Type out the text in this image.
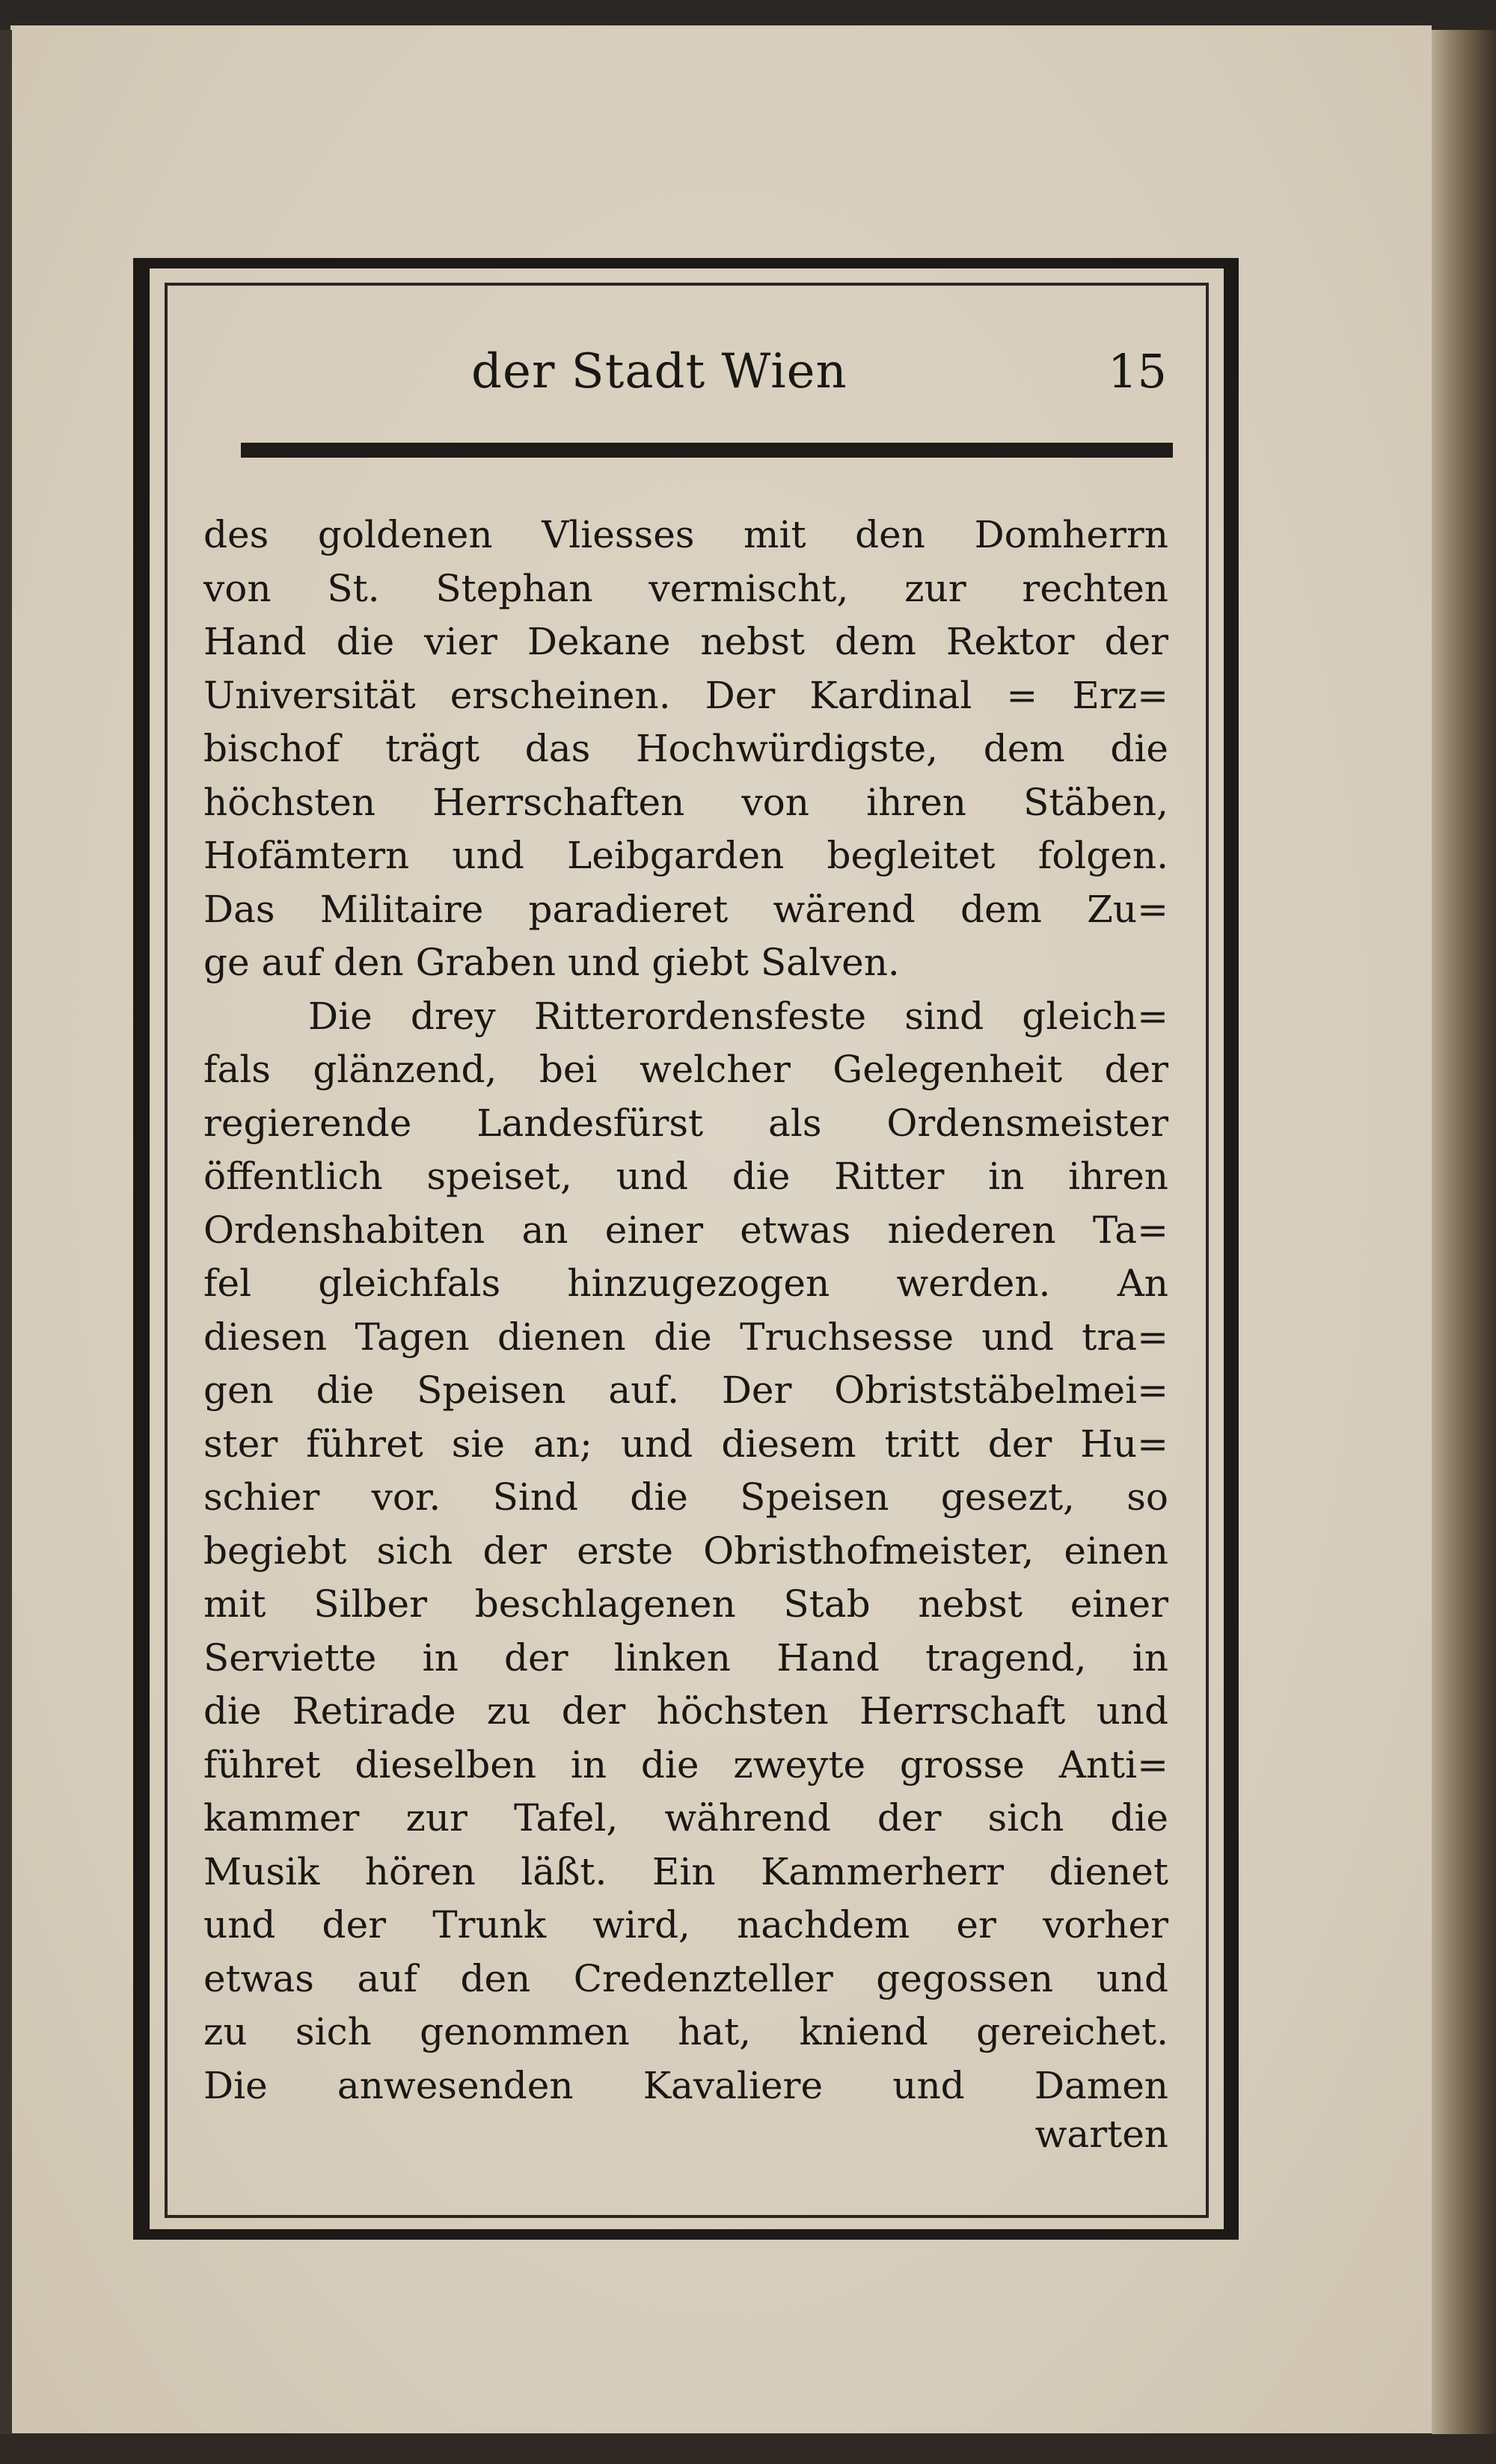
der Stadt Wien	15
des goldenen Vliesses mit den Domherrn
von St. Stephan vermischt, zur rechten
Hand die vier Dekane nebst dem Rektor der
Universität erscheinen. Der Kardinal = Erz=
bischof trägt das Hochwürdigste, dem die
höchsten Herrschaften von ihren Stäben,
Hofämtern und Leibgarden begleitet folgen.
Das Militaire paradieret wärend dem Zu=
ge auf den Graben und giebt Salven.
Die drey Ritterordensfeste sind gleich=
fals glänzend, bei welcher Gelegenheit der
regierende Landesfürst als Ordensmeister
öffentlich speiset, und die Ritter in ihren
Ordenshabiten an einer etwas niederen Ta=
fel gleichfals hinzugezogen werden. An
diesen Tagen dienen die Truchsesse und tra=
gen die Speisen auf. Der Obriststäbelmei=
ster führet sie an; und diesem tritt der Hu=
schier vor. Sind die Speisen gesezt, so
begiebt sich der erste Obristhofmeister, einen
mit Silber beschlagenen Stab nebst einer
Serviette in der linken Hand tragend, in
die Retirade zu der höchsten Herrschaft und
führet dieselben in die zweyte grosse Anti=
kammer zur Tafel, während der sich die
Musik hören läßt. Ein Kammerherr dienet
und der Trunk wird, nachdem er vorher
etwas auf den Credenzteller gegossen und
zu sich genommen hat, kniend gereichet.
Die anwesenden Kavaliere und Damen
warten
